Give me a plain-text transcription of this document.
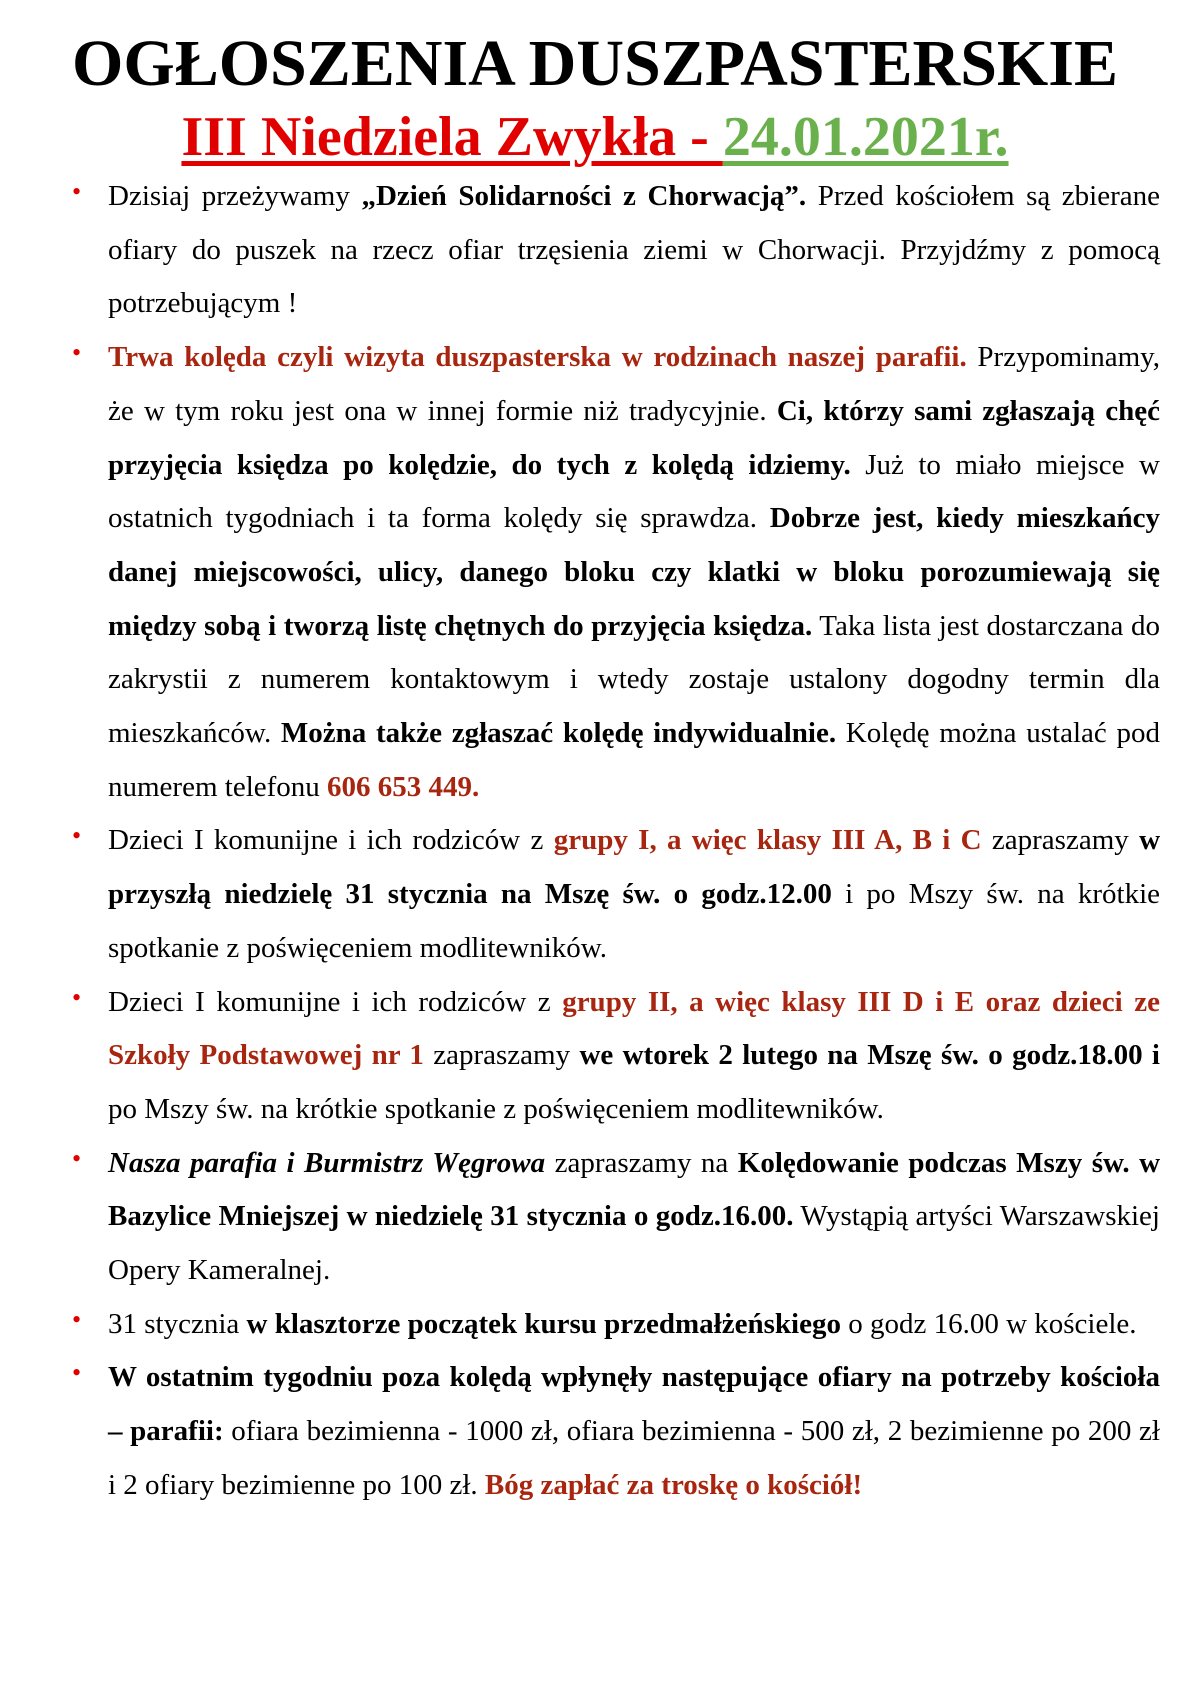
OGŁOSZENIA DUSZPASTERSKIE
III Niedziela Zwykła - 24.01.2021r.
• Dzisiaj przeżywamy „Dzień Solidarności z Chorwacją”. Przed kościołem są zbierane ofiary do puszek na rzecz ofiar trzęsienia ziemi w Chorwacji. Przyjdźmy z pomocą potrzebującym !
• Trwa kolęda czyli wizyta duszpasterska w rodzinach naszej parafii. Przypominamy, że w tym roku jest ona w innej formie niż tradycyjnie. Ci, którzy sami zgłaszają chęć przyjęcia księdza po kolędzie, do tych z kolędą idziemy. Już to miało miejsce w ostatnich tygodniach i ta forma kolędy się sprawdza. Dobrze jest, kiedy mieszkańcy danej miejscowości, ulicy, danego bloku czy klatki w bloku porozumiewają się między sobą i tworzą listę chętnych do przyjęcia księdza. Taka lista jest dostarczana do zakrystii z numerem kontaktowym i wtedy zostaje ustalony dogodny termin dla mieszkańców. Można także zgłaszać kolędę indywidualnie. Kolędę można ustalać pod numerem telefonu 606 653 449.
• Dzieci I komunijne i ich rodziców z grupy I, a więc klasy III A, B i C zapraszamy w przyszłą niedzielę 31 stycznia na Mszę św. o godz.12.00 i po Mszy św. na krótkie spotkanie z poświęceniem modlitewników.
• Dzieci I komunijne i ich rodziców z grupy II, a więc klasy III D i E oraz dzieci ze Szkoły Podstawowej nr 1 zapraszamy we wtorek 2 lutego na Mszę św. o godz.18.00 i po Mszy św. na krótkie spotkanie z poświęceniem modlitewników.
• Nasza parafia i Burmistrz Węgrowa zapraszamy na Kolędowanie podczas Mszy św. w Bazylice Mniejszej w niedzielę 31 stycznia o godz.16.00. Wystąpią artyści Warszawskiej Opery Kameralnej.
• 31 stycznia w klasztorze początek kursu przedmałżeńskiego o godz 16.00 w kościele.
• W ostatnim tygodniu poza kolędą wpłynęły następujące ofiary na potrzeby kościoła – parafii: ofiara bezimienna - 1000 zł, ofiara bezimienna - 500 zł, 2 bezimienne po 200 zł i 2 ofiary bezimienne po 100 zł. Bóg zapłać za troskę o kościół!
